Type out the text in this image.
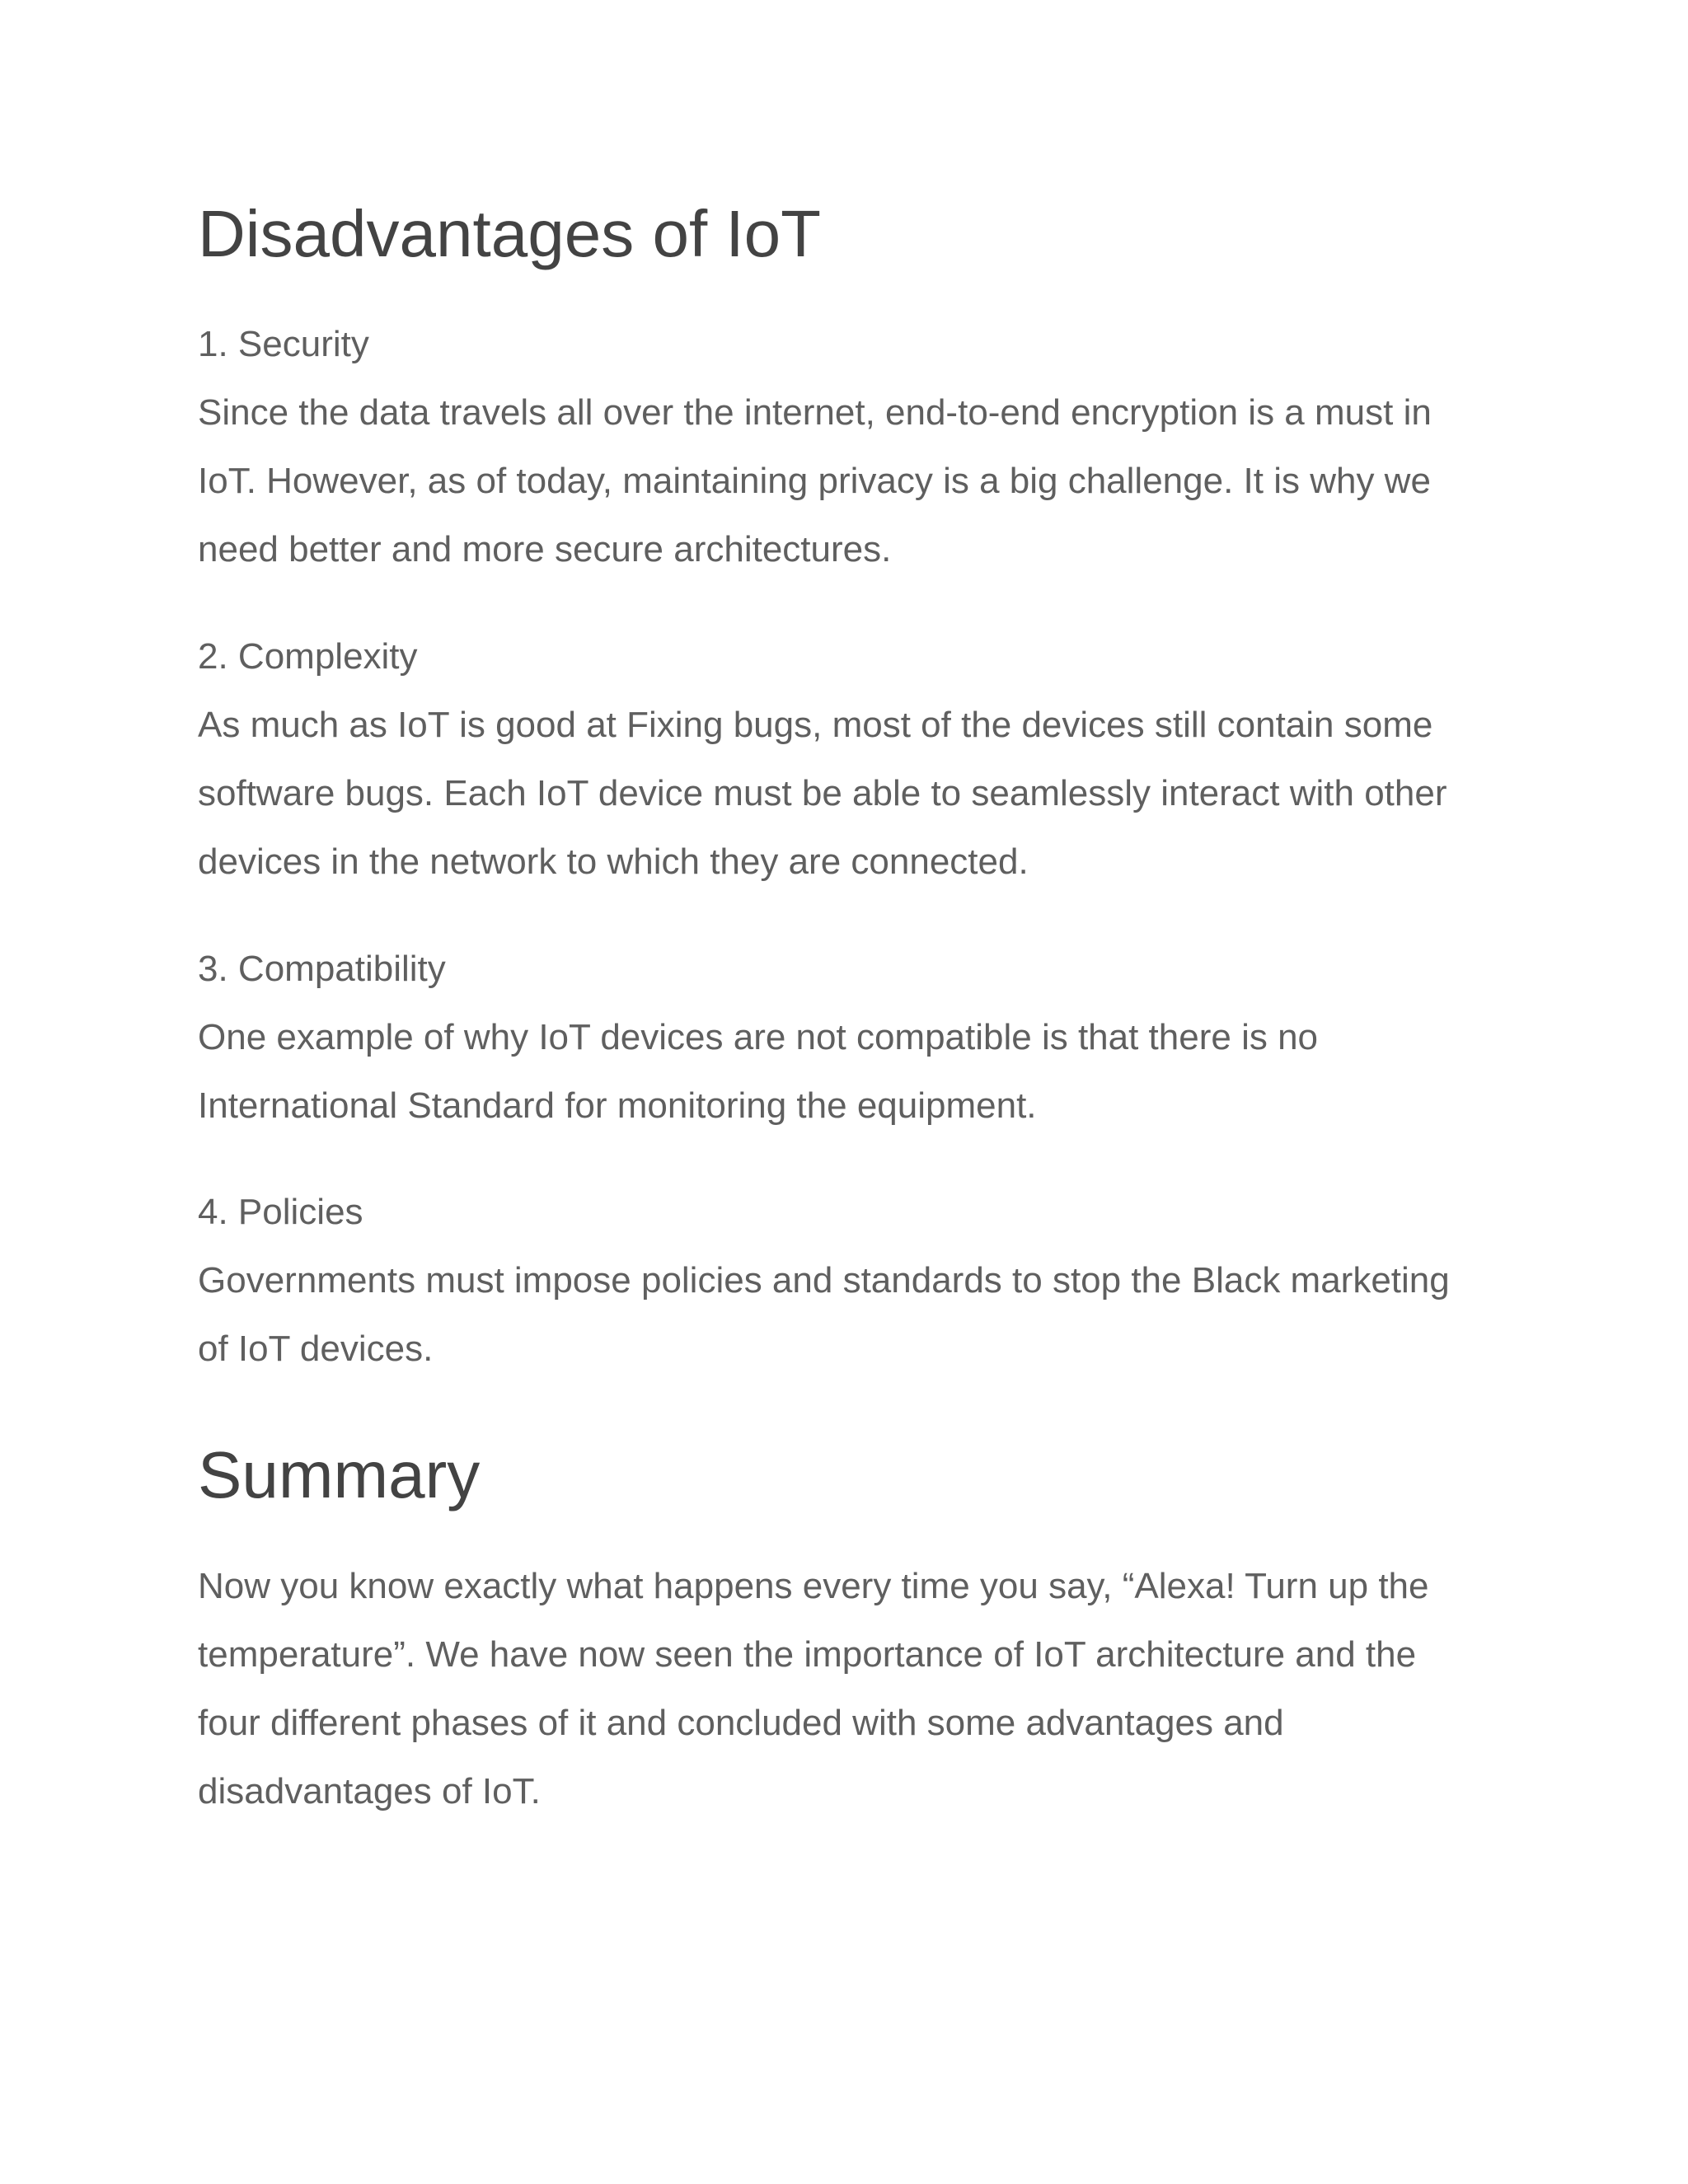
Disadvantages of IoT
1. Security
Since the data travels all over the internet, end-to-end encryption is a must in
IoT. However, as of today, maintaining privacy is a big challenge. It is why we
need better and more secure architectures.
2. Complexity
As much as IoT is good at Fixing bugs, most of the devices still contain some
software bugs. Each IoT device must be able to seamlessly interact with other
devices in the network to which they are connected.
3. Compatibility
One example of why IoT devices are not compatible is that there is no
International Standard for monitoring the equipment.
4. Policies
Governments must impose policies and standards to stop the Black marketing
of IoT devices.
Summary
Now you know exactly what happens every time you say, “Alexa! Turn up the
temperature”. We have now seen the importance of IoT architecture and the
four different phases of it and concluded with some advantages and
disadvantages of IoT.
